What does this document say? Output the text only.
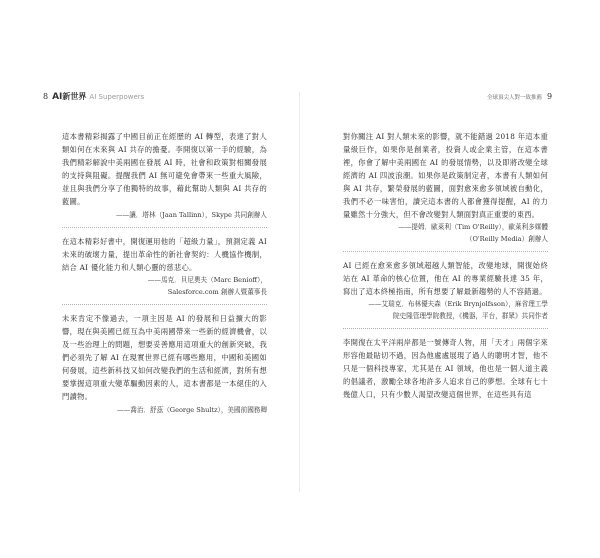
8 AI新世界 AI Superpowers	全球頂尖人對一致推薦 9

這本書精彩揭露了中國目前正在經歷的 AI 轉型，表達了對人類如何在未來與 AI 共存的擔憂。李開復以第一手的經驗，為我們精彩解說中美兩國在發展 AI 時，社會和政策對相關發展的支持與阻礙。提醒我們 AI 無可避免會帶來一些重大風險，並且與我們分享了他獨特的故事，藉此幫助人類與 AI 共存的藍圖。

——讓．塔林（Jaan Tallinn），Skype 共同創辦人

在這本精彩好書中，開復運用他的「超級力量」，預測定義 AI 未來的破壞力量，提出革命性的新社會契約：人機協作機制，結合 AI 優化能力和人類心靈的慈悲心。

——馬克．貝尼奧夫（Marc Benioff），
Salesforce.com 創辦人暨董事長

未來肯定不像過去，一項主因是 AI 的發展和日益擴大的影響，現在與美國已經互為中美兩國帶來一些新的經濟機會，以及一些治理上的問題，想要妥善應用這項重大的創新突破，我們必須先了解 AI 在現實世界已經有哪些應用，中國和美國如何發展，這些新科技又如何改變我們的生活和經濟，對所有想要掌握這項重大變革驅動因素的人，這本書都是一本絕佳的入門讀物。

——喬治．舒茲（George Shultz），美國前國務卿

對你關注 AI 對人類未來的影響，就不能錯過 2018 年這本重量級巨作，如果你是創業者，投資人或企業主管，在這本書裡，你會了解中美兩國在 AI 的發展情勢，以及即將改變全球經濟的 AI 四波浪潮。如果你是政策制定者，本書有人類如何與 AI 共存，繁榮發展的藍圖，面對愈來愈多領域被自動化，我們不必一味害怕，讀完這本書的人都會獲得提醒，AI 的力量雖然十分強大，但不會改變對人類面對真正重要的東西。

——提姆．歐萊利（Tim O'Reilly），歐萊利多媒體
（O'Reilly Media）創辦人

AI 已經在愈來愈多領域超越人類智能，改變地球，開復始終站在 AI 革命的核心位置，他在 AI 的專業經驗長達 35 年，寫出了這本終極指南，所有想要了解最新趨勢的人不容錯過。

——艾瑞克．布林優夫森（Erik Brynjolfsson），麻省理工學
院史隆管理學院教授，《機器，平台，群眾》共同作者

李開復在太平洋兩岸都是一號傳奇人物，用「天才」兩個字來形容他最貼切不過，因為他處處展現了過人的聰明才智，他不只是一個科技專家，尤其是在 AI 領域，他也是一個人道主義的倡議者，激勵全球各地許多人追求自己的夢想。全球有七十幾億人口，只有少數人渴望改變這個世界，在這些具有這
